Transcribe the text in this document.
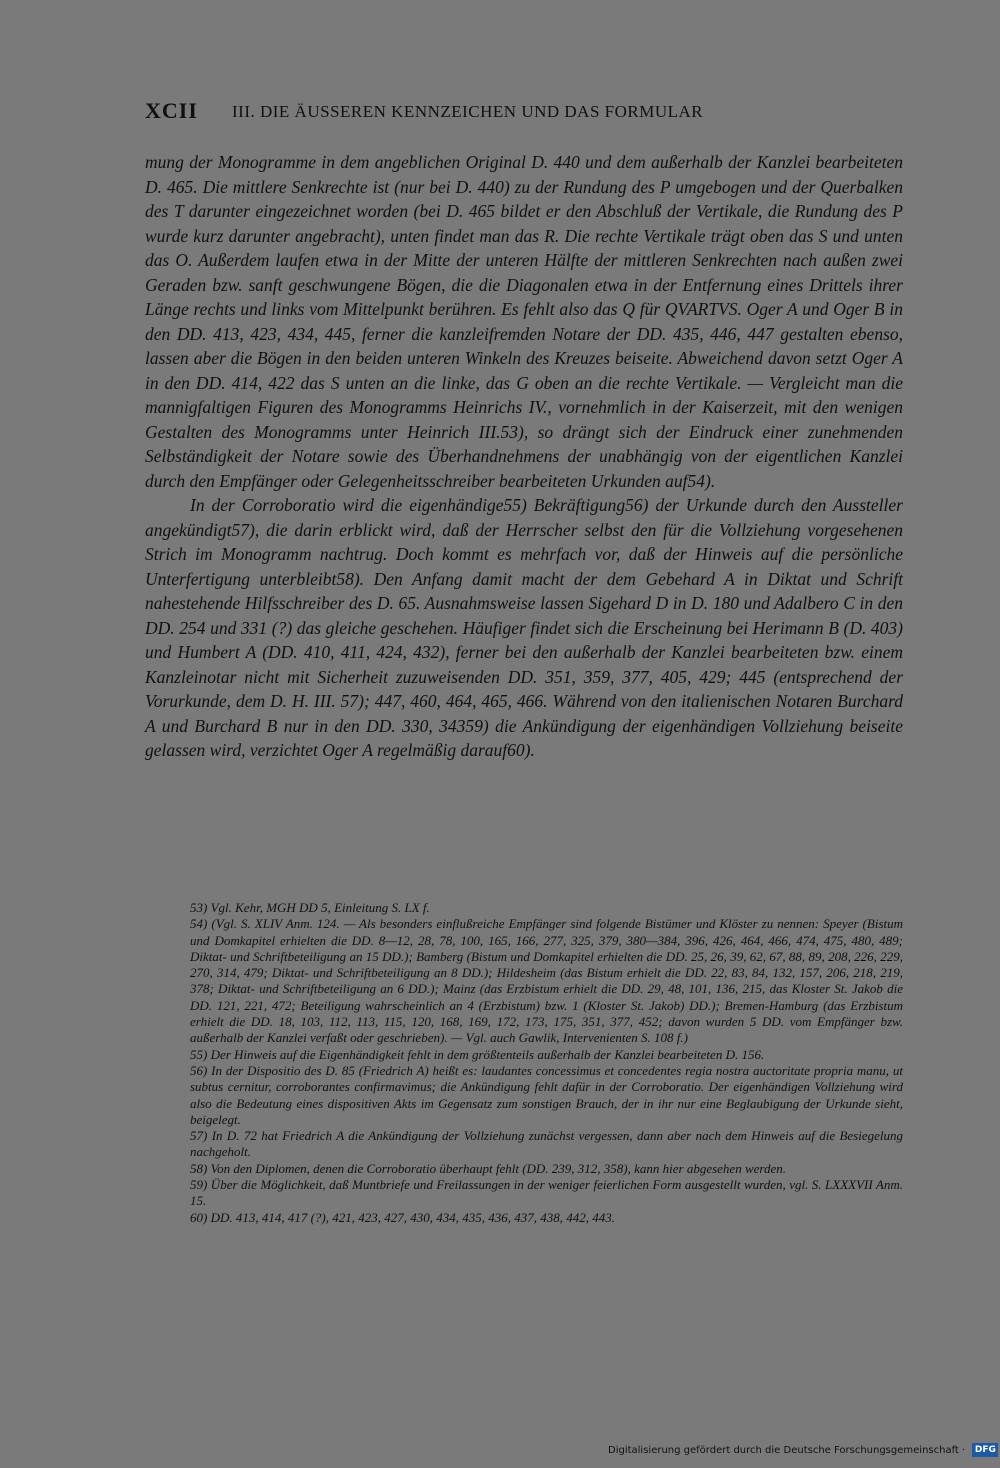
XCII III. DIE ÄUSSEREN KENNZEICHEN UND DAS FORMULAR

mung der Monogramme in dem angeblichen Original D. 440 und dem außerhalb der Kanzlei bearbeiteten D. 465. Die mittlere Senkrechte ist (nur bei D. 440) zu der Rundung des P umgebogen und der Querbalken des T darunter eingezeichnet worden (bei D. 465 bildet er den Abschluß der Vertikale, die Rundung des P wurde kurz darunter angebracht), unten findet man das R. Die rechte Vertikale trägt oben das S und unten das O. Außerdem laufen etwa in der Mitte der unteren Hälfte der mittleren Senkrechten nach außen zwei Geraden bzw. sanft geschwungene Bögen, die die Diagonalen etwa in der Entfernung eines Drittels ihrer Länge rechts und links vom Mittelpunkt berühren. Es fehlt also das Q für QVARTVS. Oger A und Oger B in den DD. 413, 423, 434, 445, ferner die kanzleifremden Notare der DD. 435, 446, 447 gestalten ebenso, lassen aber die Bögen in den beiden unteren Winkeln des Kreuzes beiseite. Abweichend davon setzt Oger A in den DD. 414, 422 das S unten an die linke, das G oben an die rechte Vertikale. — Vergleicht man die mannigfaltigen Figuren des Monogramms Heinrichs IV., vornehmlich in der Kaiserzeit, mit den wenigen Gestalten des Monogramms unter Heinrich III.53), so drängt sich der Eindruck einer zunehmenden Selbständigkeit der Notare sowie des Überhandnehmens der unabhängig von der eigentlichen Kanzlei durch den Empfänger oder Gelegenheitsschreiber bearbeiteten Urkunden auf54).

In der Corroboratio wird die eigenhändige55) Bekräftigung56) der Urkunde durch den Aussteller angekündigt57), die darin erblickt wird, daß der Herrscher selbst den für die Vollziehung vorgesehenen Strich im Monogramm nachtrug. Doch kommt es mehrfach vor, daß der Hinweis auf die persönliche Unterfertigung unterbleibt58). Den Anfang damit macht der dem Gebehard A in Diktat und Schrift nahestehende Hilfsschreiber des D. 65. Ausnahmsweise lassen Sigehard D in D. 180 und Adalbero C in den DD. 254 und 331 (?) das gleiche geschehen. Häufiger findet sich die Erscheinung bei Herimann B (D. 403) und Humbert A (DD. 410, 411, 424, 432), ferner bei den außerhalb der Kanzlei bearbeiteten bzw. einem Kanzleinotar nicht mit Sicherheit zuzuweisenden DD. 351, 359, 377, 405, 429; 445 (entsprechend der Vorurkunde, dem D. H. III. 57); 447, 460, 464, 465, 466. Während von den italienischen Notaren Burchard A und Burchard B nur in den DD. 330, 34359) die Ankündigung der eigenhändigen Vollziehung beiseite gelassen wird, verzichtet Oger A regelmäßig darauf60).

53) Vgl. Kehr, MGH DD 5, Einleitung S. LX f.

54) (Vgl. S. XLIV Anm. 124. — Als besonders einflußreiche Empfänger sind folgende Bistümer und Klöster zu nennen: Speyer (Bistum und Domkapitel erhielten die DD. 8—12, 28, 78, 100, 165, 166, 277, 325, 379, 380—384, 396, 426, 464, 466, 474, 475, 480, 489; Diktat- und Schriftbeteiligung an 15 DD.); Bamberg (Bistum und Domkapitel erhielten die DD. 25, 26, 39, 62, 67, 88, 89, 208, 226, 229, 270, 314, 479; Diktat- und Schriftbeteiligung an 8 DD.); Hildesheim (das Bistum erhielt die DD. 22, 83, 84, 132, 157, 206, 218, 219, 378; Diktat- und Schriftbeteiligung an 6 DD.); Mainz (das Erzbistum erhielt die DD. 29, 48, 101, 136, 215, das Kloster St. Jakob die DD. 121, 221, 472; Beteiligung wahrscheinlich an 4 (Erzbistum) bzw. 1 (Kloster St. Jakob) DD.); Bremen-Hamburg (das Erzbistum erhielt die DD. 18, 103, 112, 113, 115, 120, 168, 169, 172, 173, 175, 351, 377, 452; davon wurden 5 DD. vom Empfänger bzw. außerhalb der Kanzlei verfaßt oder geschrieben). — Vgl. auch Gawlik, Intervenienten S. 108 f.)

55) Der Hinweis auf die Eigenhändigkeit fehlt in dem größtenteils außerhalb der Kanzlei bearbeiteten D. 156.

56) In der Dispositio des D. 85 (Friedrich A) heißt es: laudantes concessimus et concedentes regia nostra auctoritate propria manu, ut subtus cernitur, corroborantes confirmavimus; die Ankündigung fehlt dafür in der Corroboratio. Der eigenhändigen Vollziehung wird also die Bedeutung eines dispositiven Akts im Gegensatz zum sonstigen Brauch, der in ihr nur eine Beglaubigung der Urkunde sieht, beigelegt.

57) In D. 72 hat Friedrich A die Ankündigung der Vollziehung zunächst vergessen, dann aber nach dem Hinweis auf die Besiegelung nachgeholt.

58) Von den Diplomen, denen die Corroboratio überhaupt fehlt (DD. 239, 312, 358), kann hier abgesehen werden.

59) Über die Möglichkeit, daß Muntbriefe und Freilassungen in der weniger feierlichen Form ausgestellt wurden, vgl. S. LXXXVII Anm. 15.

60) DD. 413, 414, 417 (?), 421, 423, 427, 430, 434, 435, 436, 437, 438, 442, 443.

Digitalisierung gefördert durch die Deutsche Forschungsgemeinschaft · DFG
